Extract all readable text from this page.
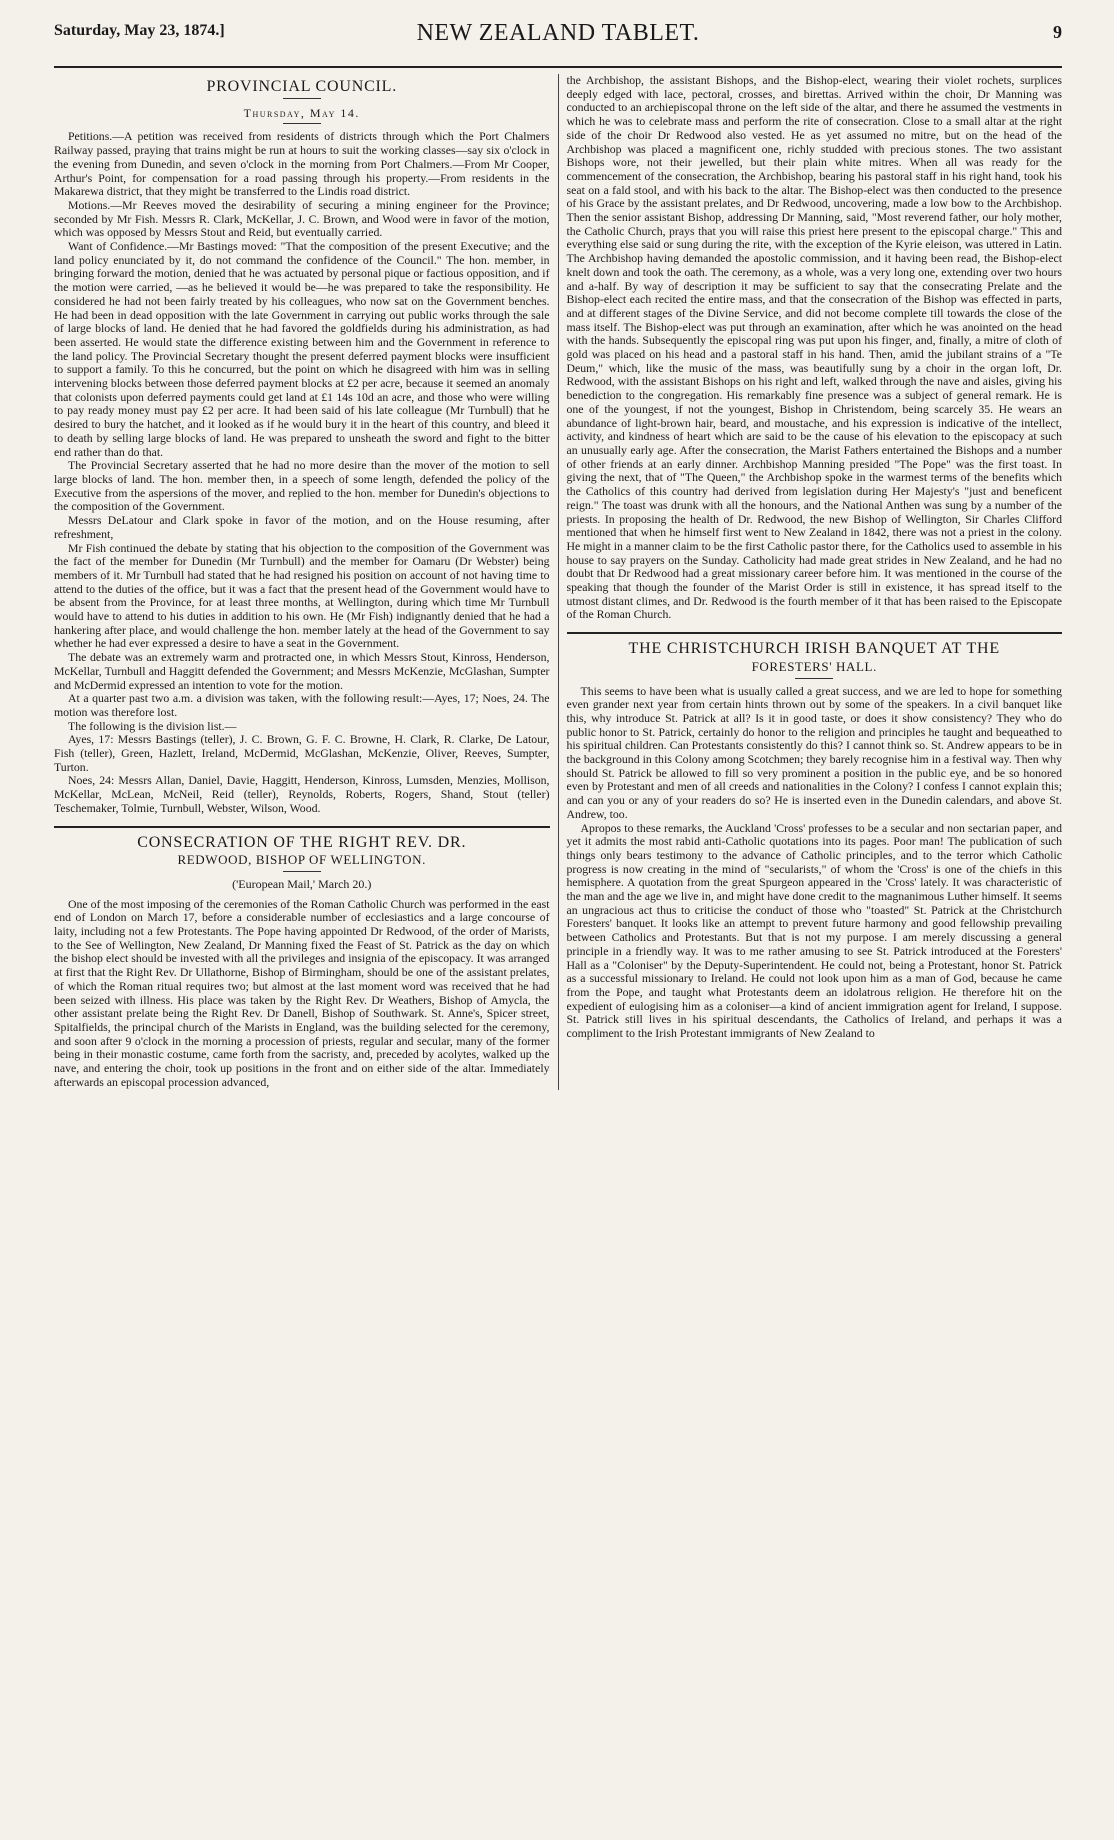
Saturday, May 23, 1874.]	NEW ZEALAND TABLET.	9
PROVINCIAL COUNCIL.
Thursday, May 14.

Petitions.—A petition was received from residents of districts through which the Port Chalmers Railway passed, praying that trains might be run at hours to suit the working classes—say six o'clock in the evening from Dunedin, and seven o'clock in the morning from Port Chalmers.—From Mr Cooper, Arthur's Point, for compensation for a road passing through his property.—From residents in the Makarewa district, that they might be transferred to the Lindis road district.

Motions.—Mr Reeves moved the desirability of securing a mining engineer for the Province; seconded by Mr Fish. Messrs R. Clark, McKellar, J. C. Brown, and Wood were in favor of the motion, which was opposed by Messrs Stout and Reid, but eventually carried.

Want of Confidence.—Mr Bastings moved: "That the composition of the present Executive; and the land policy enunciated by it, do not command the confidence of the Council." The hon. member, in bringing forward the motion, denied that he was actuated by personal pique or factious opposition, and if the motion were carried, —as he believed it would be—he was prepared to take the responsibility. He considered he had not been fairly treated by his colleagues, who now sat on the Government benches. He had been in dead opposition with the late Government in carrying out public works through the sale of large blocks of land. He denied that he had favored the goldfields during his administration, as had been asserted. He would state the difference existing between him and the Government in reference to the land policy. The Provincial Secretary thought the present deferred payment blocks were insufficient to support a family. To this he concurred, but the point on which he disagreed with him was in selling intervening blocks between those deferred payment blocks at £2 per acre, because it seemed an anomaly that colonists upon deferred payments could get land at £1 14s 10d an acre, and those who were willing to pay ready money must pay £2 per acre. It had been said of his late colleague (Mr Turnbull) that he desired to bury the hatchet, and it looked as if he would bury it in the heart of this country, and bleed it to death by selling large blocks of land. He was prepared to unsheath the sword and fight to the bitter end rather than do that.

The Provincial Secretary asserted that he had no more desire than the mover of the motion to sell large blocks of land. The hon. member then, in a speech of some length, defended the policy of the Executive from the aspersions of the mover, and replied to the hon. member for Dunedin's objections to the composition of the Government.

Messrs DeLatour and Clark spoke in favor of the motion, and on the House resuming, after refreshment,

Mr Fish continued the debate by stating that his objection to the composition of the Government was the fact of the member for Dunedin (Mr Turnbull) and the member for Oamaru (Dr Webster) being members of it. Mr Turnbull had stated that he had resigned his position on account of not having time to attend to the duties of the office, but it was a fact that the present head of the Government would have to be absent from the Province, for at least three months, at Wellington, during which time Mr Turnbull would have to attend to his duties in addition to his own. He (Mr Fish) indignantly denied that he had a hankering after place, and would challenge the hon. member lately at the head of the Government to say whether he had ever expressed a desire to have a seat in the Government.

The debate was an extremely warm and protracted one, in which Messrs Stout, Kinross, Henderson, McKellar, Turnbull and Haggitt defended the Government; and Messrs McKenzie, McGlashan, Sumpter and McDermid expressed an intention to vote for the motion.

At a quarter past two a.m. a division was taken, with the following result:—Ayes, 17; Noes, 24. The motion was therefore lost.

The following is the division list.—

Ayes, 17: Messrs Bastings (teller), J. C. Brown, G. F. C. Browne, H. Clark, R. Clarke, De Latour, Fish (teller), Green, Hazlett, Ireland, McDermid, McGlashan, McKenzie, Oliver, Reeves, Sumpter, Turton.

Noes, 24: Messrs Allan, Daniel, Davie, Haggitt, Henderson, Kinross, Lumsden, Menzies, Mollison, McKellar, McLean, McNeil, Reid (teller), Reynolds, Roberts, Rogers, Shand, Stout (teller) Teschemaker, Tolmie, Turnbull, Webster, Wilson, Wood.

CONSECRATION OF THE RIGHT REV. DR.
REDWOOD, BISHOP OF WELLINGTON.
('European Mail,' March 20.)

One of the most imposing of the ceremonies of the Roman Catholic Church was performed in the east end of London on March 17, before a considerable number of ecclesiastics and a large concourse of laity, including not a few Protestants. The Pope having appointed Dr Redwood, of the order of Marists, to the See of Wellington, New Zealand, Dr Manning fixed the Feast of St. Patrick as the day on which the bishop elect should be invested with all the privileges and insignia of the episcopacy. It was arranged at first that the Right Rev. Dr Ullathorne, Bishop of Birmingham, should be one of the assistant prelates, of which the Roman ritual requires two; but almost at the last moment word was received that he had been seized with illness. His place was taken by the Right Rev. Dr Weathers, Bishop of Amycla, the other assistant prelate being the Right Rev. Dr Danell, Bishop of Southwark. St. Anne's, Spicer street, Spitalfields, the principal church of the Marists in England, was the building selected for the ceremony, and soon after 9 o'clock in the morning a procession of priests, regular and secular, many of the former being in their monastic costume, came forth from the sacristy, and, preceded by acolytes, walked up the nave, and entering the choir, took up positions in the front and on either side of the altar. Immediately afterwards an episcopal procession advanced,

the Archbishop, the assistant Bishops, and the Bishop-elect, wearing their violet rochets, surplices deeply edged with lace, pectoral, crosses, and birettas. Arrived within the choir, Dr Manning was conducted to an archiepiscopal throne on the left side of the altar, and there he assumed the vestments in which he was to celebrate mass and perform the rite of consecration. Close to a small altar at the right side of the choir Dr Redwood also vested. He as yet assumed no mitre, but on the head of the Archbishop was placed a magnificent one, richly studded with precious stones. The two assistant Bishops wore, not their jewelled, but their plain white mitres. When all was ready for the commencement of the consecration, the Archbishop, bearing his pastoral staff in his right hand, took his seat on a fald stool, and with his back to the altar. The Bishop-elect was then conducted to the presence of his Grace by the assistant prelates, and Dr Redwood, uncovering, made a low bow to the Archbishop. Then the senior assistant Bishop, addressing Dr Manning, said, "Most reverend father, our holy mother, the Catholic Church, prays that you will raise this priest here present to the episcopal charge." This and everything else said or sung during the rite, with the exception of the Kyrie eleison, was uttered in Latin. The Archbishop having demanded the apostolic commission, and it having been read, the Bishop-elect knelt down and took the oath. The ceremony, as a whole, was a very long one, extending over two hours and a-half. By way of description it may be sufficient to say that the consecrating Prelate and the Bishop-elect each recited the entire mass, and that the consecration of the Bishop was effected in parts, and at different stages of the Divine Service, and did not become complete till towards the close of the mass itself. The Bishop-elect was put through an examination, after which he was anointed on the head with the hands. Subsequently the episcopal ring was put upon his finger, and, finally, a mitre of cloth of gold was placed on his head and a pastoral staff in his hand. Then, amid the jubilant strains of a "Te Deum," which, like the music of the mass, was beautifully sung by a choir in the organ loft, Dr. Redwood, with the assistant Bishops on his right and left, walked through the nave and aisles, giving his benediction to the congregation. His remarkably fine presence was a subject of general remark. He is one of the youngest, if not the youngest, Bishop in Christendom, being scarcely 35. He wears an abundance of light-brown hair, beard, and moustache, and his expression is indicative of the intellect, activity, and kindness of heart which are said to be the cause of his elevation to the episcopacy at such an unusually early age. After the consecration, the Marist Fathers entertained the Bishops and a number of other friends at an early dinner. Archbishop Manning presided "The Pope" was the first toast. In giving the next, that of "The Queen," the Archbishop spoke in the warmest terms of the benefits which the Catholics of this country had derived from legislation during Her Majesty's "just and beneficent reign." The toast was drunk with all the honours, and the National Anthen was sung by a number of the priests. In proposing the health of Dr. Redwood, the new Bishop of Wellington, Sir Charles Clifford mentioned that when he himself first went to New Zealand in 1842, there was not a priest in the colony. He might in a manner claim to be the first Catholic pastor there, for the Catholics used to assemble in his house to say prayers on the Sunday. Catholicity had made great strides in New Zealand, and he had no doubt that Dr Redwood had a great missionary career before him. It was mentioned in the course of the speaking that though the founder of the Marist Order is still in existence, it has spread itself to the utmost distant climes, and Dr. Redwood is the fourth member of it that has been raised to the Episcopate of the Roman Church.

THE CHRISTCHURCH IRISH BANQUET AT THE
FORESTERS' HALL.

This seems to have been what is usually called a great success, and we are led to hope for something even grander next year from certain hints thrown out by some of the speakers. In a civil banquet like this, why introduce St. Patrick at all? Is it in good taste, or does it show consistency? They who do public honor to St. Patrick, certainly do honor to the religion and principles he taught and bequeathed to his spiritual children. Can Protestants consistently do this? I cannot think so. St. Andrew appears to be in the background in this Colony among Scotchmen; they barely recognise him in a festival way. Then why should St. Patrick be allowed to fill so very prominent a position in the public eye, and be so honored even by Protestant and men of all creeds and nationalities in the Colony? I confess I cannot explain this; and can you or any of your readers do so? He is inserted even in the Dunedin calendars, and above St. Andrew, too.

Apropos to these remarks, the Auckland 'Cross' professes to be a secular and non sectarian paper, and yet it admits the most rabid anti-Catholic quotations into its pages. Poor man! The publication of such things only bears testimony to the advance of Catholic principles, and to the terror which Catholic progress is now creating in the mind of "secularists," of whom the 'Cross' is one of the chiefs in this hemisphere. A quotation from the great Spurgeon appeared in the 'Cross' lately. It was characteristic of the man and the age we live in, and might have done credit to the magnanimous Luther himself. It seems an ungracious act thus to criticise the conduct of those who "toasted" St. Patrick at the Christchurch Foresters' banquet. It looks like an attempt to prevent future harmony and good fellowship prevailing between Catholics and Protestants. But that is not my purpose. I am merely discussing a general principle in a friendly way. It was to me rather amusing to see St. Patrick introduced at the Foresters' Hall as a "Coloniser" by the Deputy-Superintendent. He could not, being a Protestant, honor St. Patrick as a successful missionary to Ireland. He could not look upon him as a man of God, because he came from the Pope, and taught what Protestants deem an idolatrous religion. He therefore hit on the expedient of eulogising him as a coloniser—a kind of ancient immigration agent for Ireland, I suppose. St. Patrick still lives in his spiritual descendants, the Catholics of Ireland, and perhaps it was a compliment to the Irish Protestant immigrants of New Zealand to
